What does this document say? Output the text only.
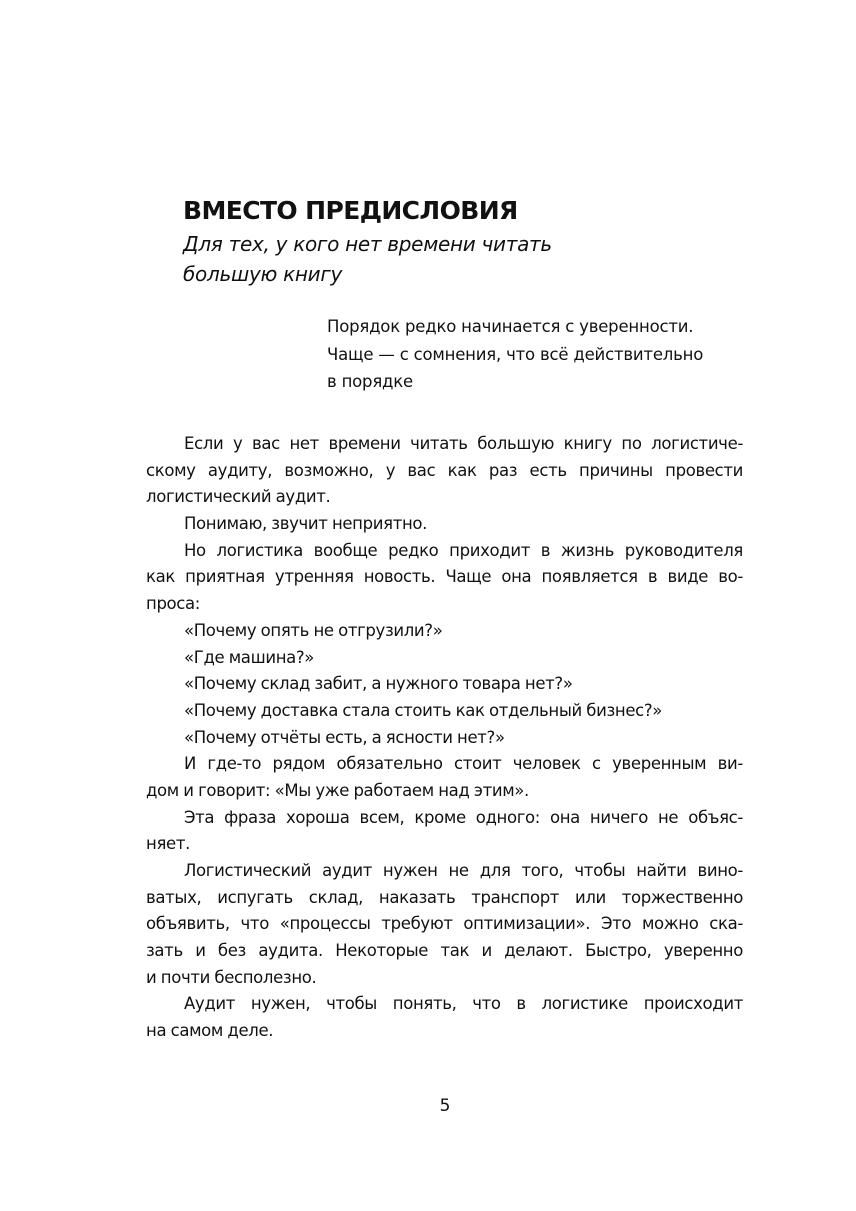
ВМЕСТО ПРЕДИСЛОВИЯ
Для тех, у кого нет времени читать
большую книгу
Порядок редко начинается с уверенности.
Чаще — с сомнения, что всё действительно
в порядке
Если у вас нет времени читать большую книгу по логистиче-
скому аудиту, возможно, у вас как раз есть причины провести
логистический аудит.
Понимаю, звучит неприятно.
Но логистика вообще редко приходит в жизнь руководителя
как приятная утренняя новость. Чаще она появляется в виде во-
проса:
«Почему опять не отгрузили?»
«Где машина?»
«Почему склад забит, а нужного товара нет?»
«Почему доставка стала стоить как отдельный бизнес?»
«Почему отчёты есть, а ясности нет?»
И где-то рядом обязательно стоит человек с уверенным ви-
дом и говорит: «Мы уже работаем над этим».
Эта фраза хороша всем, кроме одного: она ничего не объяс-
няет.
Логистический аудит нужен не для того, чтобы найти вино-
ватых, испугать склад, наказать транспорт или торжественно
объявить, что «процессы требуют оптимизации». Это можно ска-
зать и без аудита. Некоторые так и делают. Быстро, уверенно
и почти бесполезно.
Аудит нужен, чтобы понять, что в логистике происходит
на самом деле.
5
